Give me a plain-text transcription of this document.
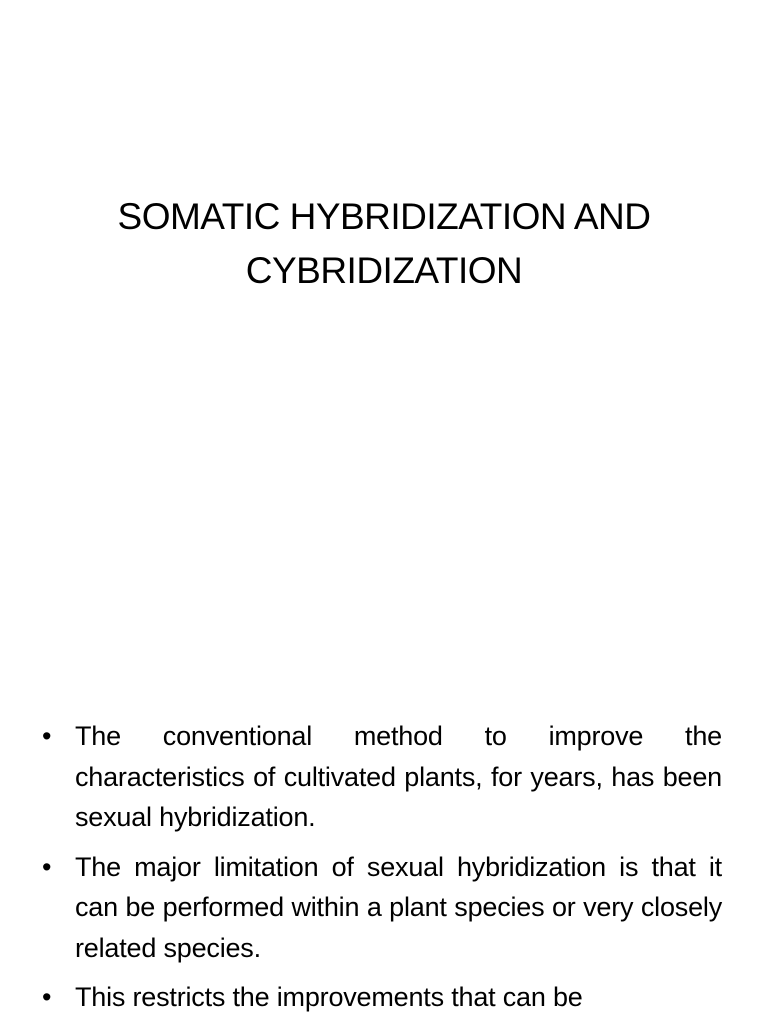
SOMATIC HYBRIDIZATION AND
CYBRIDIZATION
• The conventional method to improve the characteristics of cultivated plants, for years, has been sexual hybridization.
• The major limitation of sexual hybridization is that it can be performed within a plant species or very closely related species.
• This restricts the improvements that can be
